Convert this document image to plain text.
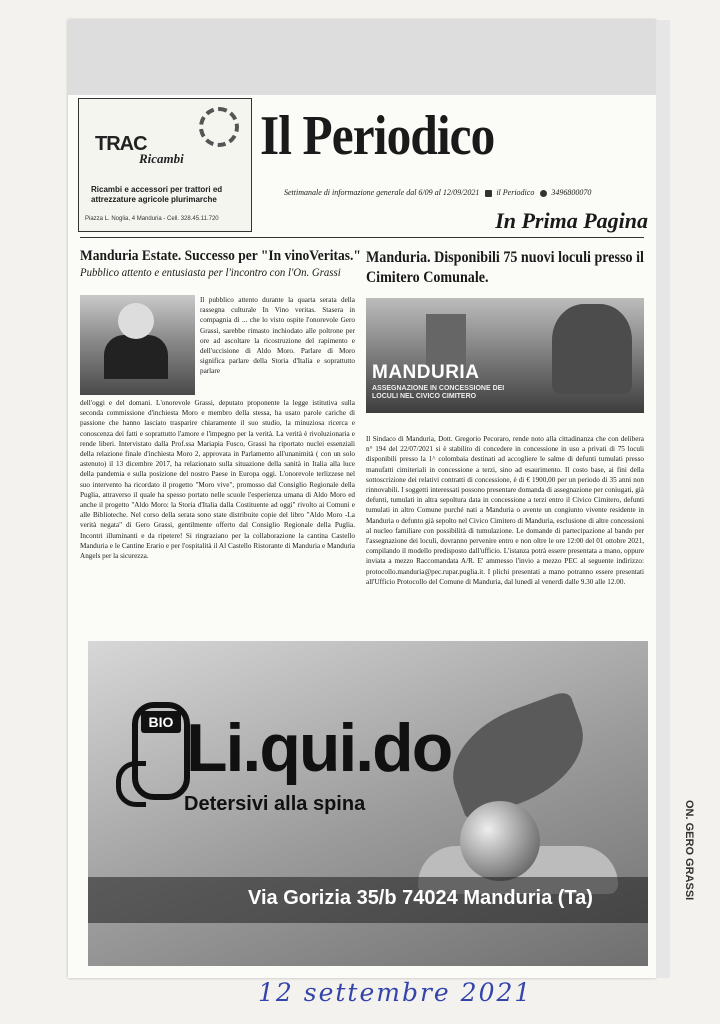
TRAC
Ricambi
Ricambi e accessori per trattori ed attrezzature agricole plurimarche
Piazza L. Noglia, 4 Manduria - Cell. 328.45.11.720
Il Periodico
Settimanale di informazione generale dal 6/09 al 12/09/2021 il Periodico 3496800070
In Prima Pagina
Manduria Estate. Successo per "In vinoVeritas."
Pubblico attento e entusiasta per l'incontro con l'On. Grassi
Il pubblico attento durante la quarta serata della rassegna culturale In Vino veritas. Stasera in compagnia di ... che lo visto ospite l'onorevole Gero Grassi, sarebbe rimasto inchiodato alle poltrone per ore ad ascoltare la ricostruzione del rapimento e dell'uccisione di Aldo Moro. Parlare di Moro significa parlare della Storia d'Italia e soprattutto parlare
dell'oggi e del domani. L'onorevole Grassi, deputato proponente la legge istitutiva sulla seconda commissione d'inchiesta Moro e membro della stessa, ha usato parole cariche di passione che hanno lasciato trasparire chiaramente il suo studio, la minuziosa ricerca e conoscenza dei fatti e soprattutto l'amore e l'impegno per la verità. La verità è rivoluzionaria e rende liberi. Intervistato dalla Prof.ssa Mariapia Fusco, Grassi ha riportato nuclei essenziali della relazione finale d'inchiesta Moro 2, approvata in Parlamento all'unanimità ( con un solo astenuto) il 13 dicembre 2017, ha relazionato sulla situazione della sanità in Italia alla luce della pandemia e sulla posizione del nostro Paese in Europa oggi. L'onorevole terlizzese nel suo intervento ha ricordato il progetto "Moro vive", promosso dal Consiglio Regionale della Puglia, attraverso il quale ha spesso portato nelle scuole l'esperienza umana di Aldo Moro ed anche il progetto "Aldo Moro: la Storia d'Italia dalla Costituente ad oggi" rivolto ai Comuni e alle Biblioteche. Nel corso della serata sono state distribuite copie del libro "Aldo Moro -La verità negata" di Gero Grassi, gentilmente offerto dal Consiglio Regionale della Puglia. Incontri illuminanti e da ripetere! Si ringraziano per la collaborazione la cantina Castello Manduria e le Cantine Erario e per l'ospitalità il Al Castello Ristorante di Manduria e Manduria Angels per la sicurezza.
Manduria. Disponibili 75 nuovi loculi presso il Cimitero Comunale.
MANDURIA
ASSEGNAZIONE IN CONCESSIONE DEI LOCULI NEL CIVICO CIMITERO
Il Sindaco di Manduria, Dott. Gregorio Pecoraro, rende noto alla cittadinanza che con delibera n° 194 del 22/07/2021 si è stabilito di concedere in concessione in uso a privati di 75 loculi disponibili presso la 1^ colombaia destinati ad accogliere le salme di defunti tumulati presso manufatti cimiteriali in concessione a terzi, sino ad esaurimento. Il costo base, ai fini della sottoscrizione dei relativi contratti di concessione, è di € 1900,00 per un periodo di 35 anni non rinnovabili. I soggetti interessati possono presentare domanda di assegnazione per coniugati, già defunti, tumulati in altra sepoltura data in concessione a terzi entro il Civico Cimitero, defunti tumulati in altro Comune purché nati a Manduria o avente un congiunto vivente residente in Manduria o defunto già sepolto nel Civico Cimitero di Manduria, esclusione di altre concessioni al nucleo familiare con possibilità di tumulazione. Le domande di partecipazione al bando per l'assegnazione dei loculi, dovranno pervenire entro e non oltre le ore 12:00 del 01 ottobre 2021, compilando il modello predisposto dall'ufficio. L'istanza potrà essere presentata a mano, oppure inviata a mezzo Raccomandata A/R. E' ammesso l'invio a mezzo PEC al seguente indirizzo: protocollo.manduria@pec.rupar.puglia.it. I plichi presentati a mano potranno essere presentati all'Ufficio Protocollo del Comune di Manduria, dal lunedì al venerdì dalle 9.30 alle 12.00.
BIO Li.qui.do
Detersivi alla spina
Via Gorizia 35/b 74024 Manduria (Ta)	ON. GERO GRASSI
12 settembre 2021
